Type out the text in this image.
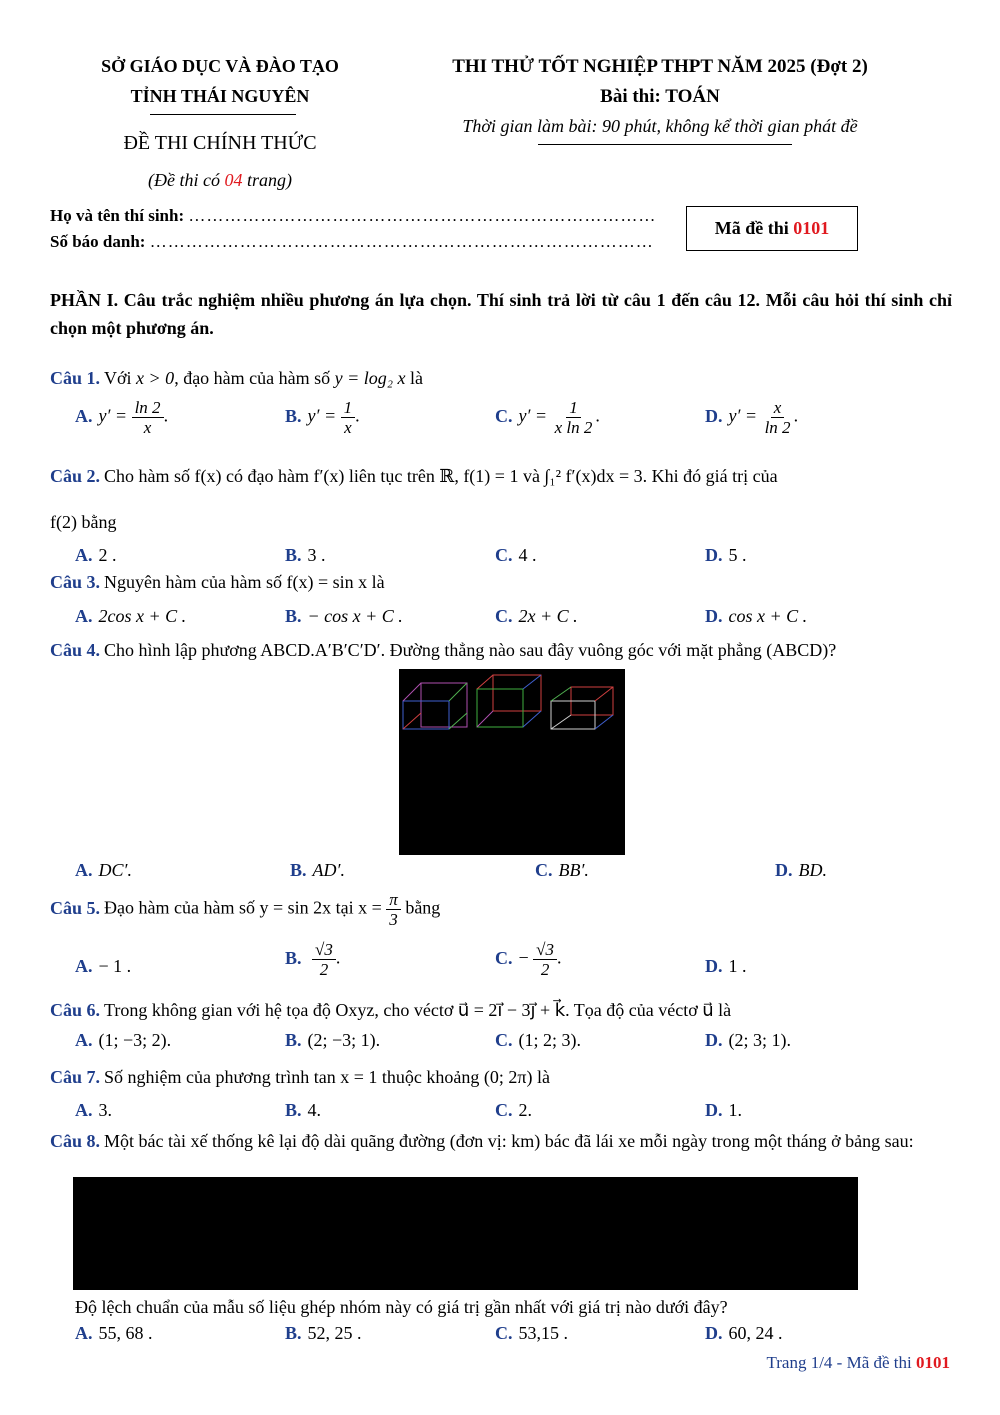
SỞ GIÁO DỤC VÀ ĐÀO TẠO
TỈNH THÁI NGUYÊN
ĐỀ THI CHÍNH THỨC
(Đề thi có 04 trang)
THI THỬ TỐT NGHIỆP THPT NĂM 2025 (Đợt 2)
Bài thi: TOÁN
Thời gian làm bài: 90 phút, không kể thời gian phát đề
Họ và tên thí sinh: ……………………………………………………………………
Số báo danh: …………………………………………………………………………
Mã đề thi
0101
PHẦN I. Câu trắc nghiệm nhiều phương án lựa chọn. Thí sinh trả lời từ câu 1 đến câu 12. Mỗi câu hỏi thí sinh chỉ chọn một phương án.
Câu 1. Với x > 0, đạo hàm của hàm số y = log₂ x là
A. $y' = \frac{\ln 2}{x}$ .	B. $y' = \frac{1}{x}$ .	C. $y' = \frac{1}{\text{x ln 2}}$ .	D. $y' = \frac{x}{\ln 2}$ .
Câu 2. Cho hàm số f(x) có đạo hàm f′(x) liên tục trên ℝ, f(1) = 1 và ∫₁² f′(x)dx = 3. Khi đó giá trị của
f(2) bằng
A. 2 .	B. 3 .	C. 4 .	D. 5 .
Câu 3. Nguyên hàm của hàm số f(x) = sin x là
A. 2cos x + C .	B. − cos x + C .	C. 2x + C .	D. cos x + C .
Câu 4. Cho hình lập phương ABCD.A′B′C′D′. Đường thẳng nào sau đây vuông góc với mặt phẳng (ABCD)?
A. DC′.	B. AD′.	C. BB′.	D. BD.
Câu 5. Đạo hàm của hàm số y = sin 2x tại $x = \frac{\pi}{3}$ bằng
A. − 1 .	B. $\frac{√3}{2}$ .	C. − $\frac{√3}{2}$ .	D. 1 .
Câu 6. Trong không gian với hệ tọa độ Oxyz, cho véctơ u⃗ = 2i⃗ − 3j⃗ + k⃗. Tọa độ của véctơ u⃗ là
A. (1; −3; 2).	B. (2; −3; 1).	C. (1; 2; 3).	D. (2; 3; 1).
Câu 7. Số nghiệm của phương trình tan x = 1 thuộc khoảng (0; 2π) là
A. 3.	B. 4.	C. 2.	D. 1.
Câu 8. Một bác tài xế thống kê lại độ dài quãng đường (đơn vị: km) bác đã lái xe mỗi ngày trong một tháng ở bảng sau:
Độ lệch chuẩn của mẫu số liệu ghép nhóm này có giá trị gần nhất với giá trị nào dưới đây?
A. 55, 68 .	B. 52, 25 .	C. 53,15 .	D. 60, 24 .
Trang 1/4 - Mã đề thi 0101
